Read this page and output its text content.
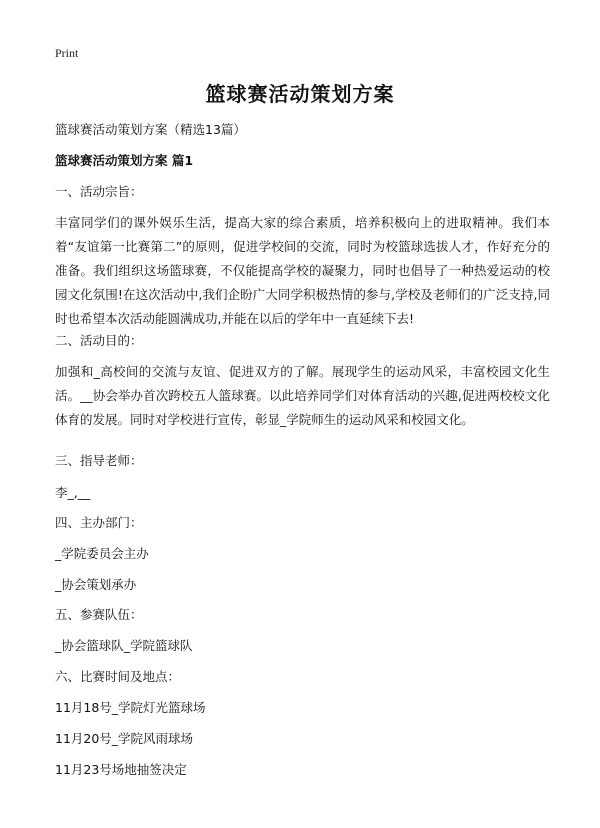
Print
篮球赛活动策划方案
篮球赛活动策划方案（精选13篇）
篮球赛活动策划方案 篇1
一、活动宗旨：
丰富同学们的课外娱乐生活，提高大家的综合素质，培养积极向上的进取精神。我们本着“友谊第一比赛第二”的原则，促进学校间的交流，同时为校篮球选拔人才，作好充分的准备。我们组织这场篮球赛，不仅能提高学校的凝聚力，同时也倡导了一种热爱运动的校园文化氛围!在这次活动中,我们企盼广大同学积极热情的参与,学校及老师们的广泛支持,同时也希望本次活动能圆满成功,并能在以后的学年中一直延续下去!
二、活动目的：
加强和_高校间的交流与友谊、促进双方的了解。展现学生的运动风采，丰富校园文化生活。__协会举办首次跨校五人篮球赛。以此培养同学们对体育活动的兴趣,促进两校校文化体育的发展。同时对学校进行宣传，彰显_学院师生的运动风采和校园文化。
三、指导老师：
李_,__
四、主办部门：
_学院委员会主办
_协会策划承办
五、参赛队伍：
_协会篮球队_学院篮球队
六、比赛时间及地点：
11月18号_学院灯光篮球场
11月20号_学院风雨球场
11月23号场地抽签决定
